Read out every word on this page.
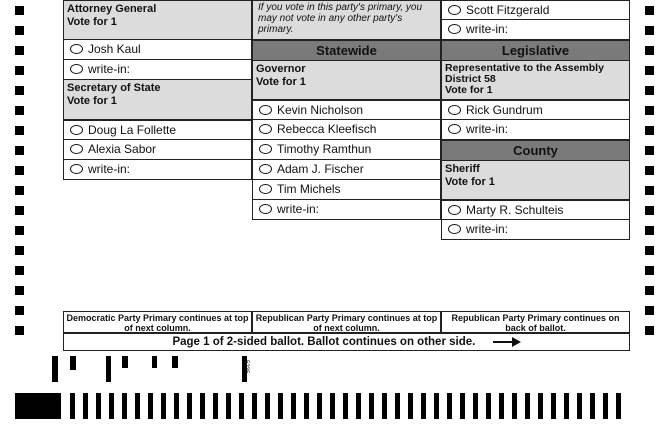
Attorney General
Vote for 1
Josh Kaul
write-in:
Secretary of State
Vote for 1
Doug La Follette
Alexia Sabor
write-in:
If you vote in this party's primary, you may not vote in any other party's primary.
Statewide
Governor
Vote for 1
Kevin Nicholson
Rebecca Kleefisch
Timothy Ramthun
Adam J. Fischer
Tim Michels
write-in:
Scott Fitzgerald
write-in:
Legislative
Representative to the Assembly
District 58
Vote for 1
Rick Gundrum
write-in:
County
Sheriff
Vote for 1
Marty R. Schulteis
write-in:
Democratic Party Primary continues at top of next column.
Republican Party Primary continues at top of next column.
Republican Party Primary continues on back of ballot.
Page 1 of 2-sided ballot. Ballot continues on other side.
5235
